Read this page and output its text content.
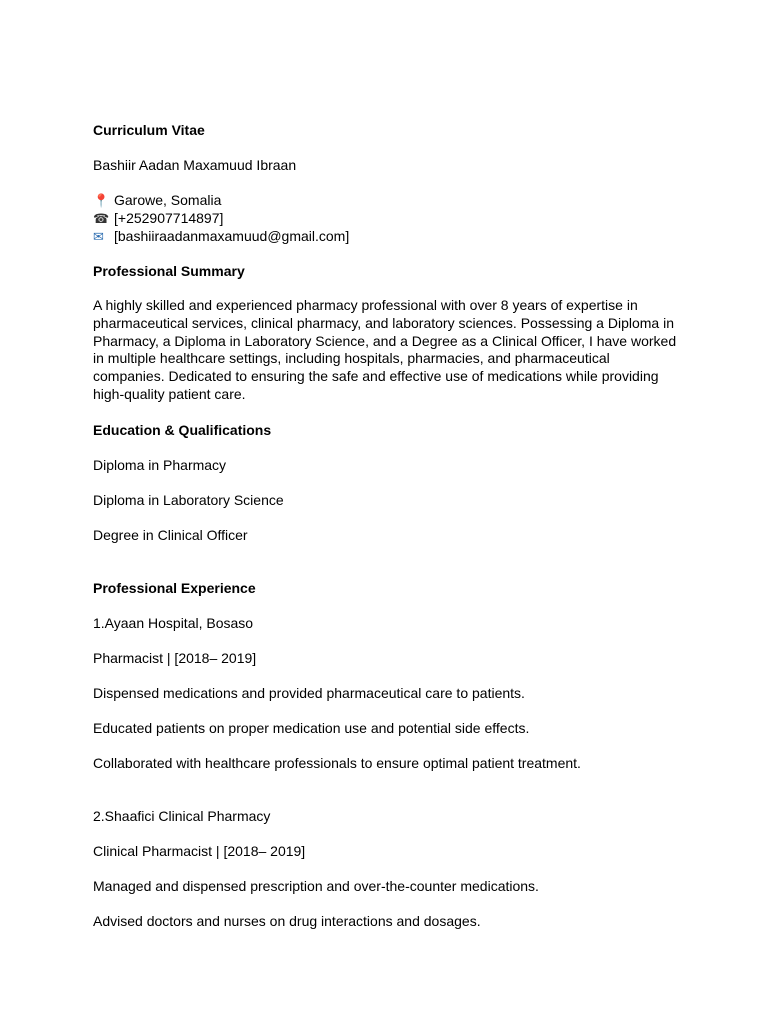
Curriculum Vitae
Bashiir Aadan Maxamuud Ibraan
📍 Garowe, Somalia
☎ [+252907714897]
✉ [bashiiraadanmaxamuud@gmail.com]
Professional Summary

A highly skilled and experienced pharmacy professional with over 8 years of expertise in pharmaceutical services, clinical pharmacy, and laboratory sciences. Possessing a Diploma in Pharmacy, a Diploma in Laboratory Science, and a Degree as a Clinical Officer, I have worked in multiple healthcare settings, including hospitals, pharmacies, and pharmaceutical companies. Dedicated to ensuring the safe and effective use of medications while providing high-quality patient care.

Education & Qualifications
Diploma in Pharmacy
Diploma in Laboratory Science
Degree in Clinical Officer
Professional Experience
1.Ayaan Hospital, Bosaso
Pharmacist | [2018– 2019]
Dispensed medications and provided pharmaceutical care to patients.
Educated patients on proper medication use and potential side effects.
Collaborated with healthcare professionals to ensure optimal patient treatment.
2.Shaafici Clinical Pharmacy
Clinical Pharmacist | [2018– 2019]
Managed and dispensed prescription and over-the-counter medications.
Advised doctors and nurses on drug interactions and dosages.
